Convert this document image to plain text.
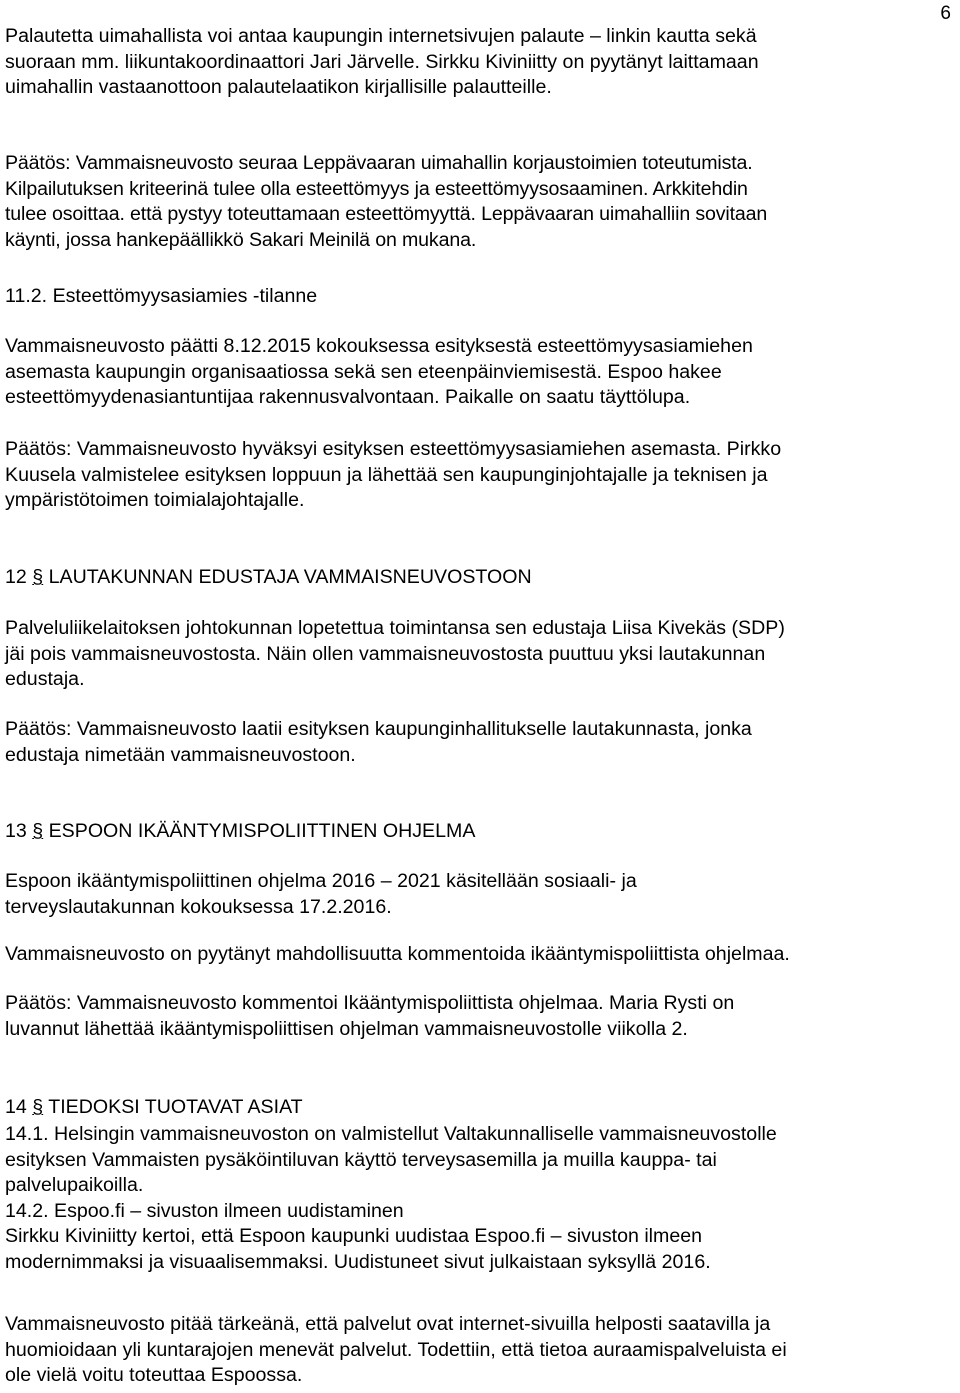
6
Palautetta uimahallista voi antaa kaupungin internetsivujen palaute – linkin kautta sekä
suoraan mm. liikuntakoordinaattori Jari Järvelle. Sirkku Kiviniitty on pyytänyt laittamaan
uimahallin vastaanottoon palautelaatikon kirjallisille palautteille.
Päätös: Vammaisneuvosto seuraa Leppävaaran uimahallin korjaustoimien toteutumista.
Kilpailutuksen kriteerinä tulee olla esteettömyys ja esteettömyysosaaminen. Arkkitehdin
tulee osoittaa. että pystyy toteuttamaan esteettömyyttä. Leppävaaran uimahalliin sovitaan
käynti, jossa hankepäällikkö Sakari Meinilä on mukana.
11.2. Esteettömyysasiamies -tilanne
Vammaisneuvosto päätti 8.12.2015 kokouksessa esityksestä esteettömyysasiamiehen
asemasta kaupungin organisaatiossa sekä sen eteenpäinviemisestä. Espoo hakee
esteettömyydenasiantuntijaa rakennusvalvontaan. Paikalle on saatu täyttölupa.
Päätös: Vammaisneuvosto hyväksyi esityksen esteettömyysasiamiehen asemasta. Pirkko
Kuusela valmistelee esityksen loppuun ja lähettää sen kaupunginjohtajalle ja teknisen ja
ympäristötoimen toimialajohtajalle.
12 § LAUTAKUNNAN EDUSTAJA VAMMAISNEUVOSTOON
Palveluliikelaitoksen johtokunnan lopetettua toimintansa sen edustaja Liisa Kivekäs (SDP)
jäi pois vammaisneuvostosta. Näin ollen vammaisneuvostosta puuttuu yksi lautakunnan
edustaja.
Päätös: Vammaisneuvosto laatii esityksen kaupunginhallitukselle lautakunnasta, jonka
edustaja nimetään vammaisneuvostoon.
13 § ESPOON IKÄÄNTYMISPOLIITTINEN OHJELMA
Espoon ikääntymispoliittinen ohjelma 2016 – 2021 käsitellään sosiaali- ja
terveyslautakunnan kokouksessa 17.2.2016.
Vammaisneuvosto on pyytänyt mahdollisuutta kommentoida ikääntymispoliittista ohjelmaa.
Päätös: Vammaisneuvosto kommentoi Ikääntymispoliittista ohjelmaa. Maria Rysti on
luvannut lähettää ikääntymispoliittisen ohjelman vammaisneuvostolle viikolla 2.
14 § TIEDOKSI TUOTAVAT ASIAT
14.1. Helsingin vammaisneuvoston on valmistellut Valtakunnalliselle vammaisneuvostolle
esityksen Vammaisten pysäköintiluvan käyttö terveysasemilla ja muilla kauppa- tai
palvelupaikoilla.
14.2. Espoo.fi – sivuston ilmeen uudistaminen
Sirkku Kiviniitty kertoi, että Espoon kaupunki uudistaa Espoo.fi – sivuston ilmeen
modernimmaksi ja visuaalisemmaksi. Uudistuneet sivut julkaistaan syksyllä 2016.
Vammaisneuvosto pitää tärkeänä, että palvelut ovat internet-sivuilla helposti saatavilla ja
huomioidaan yli kuntarajojen menevät palvelut. Todettiin, että tietoa auraamispalveluista ei
ole vielä voitu toteuttaa Espoossa.
